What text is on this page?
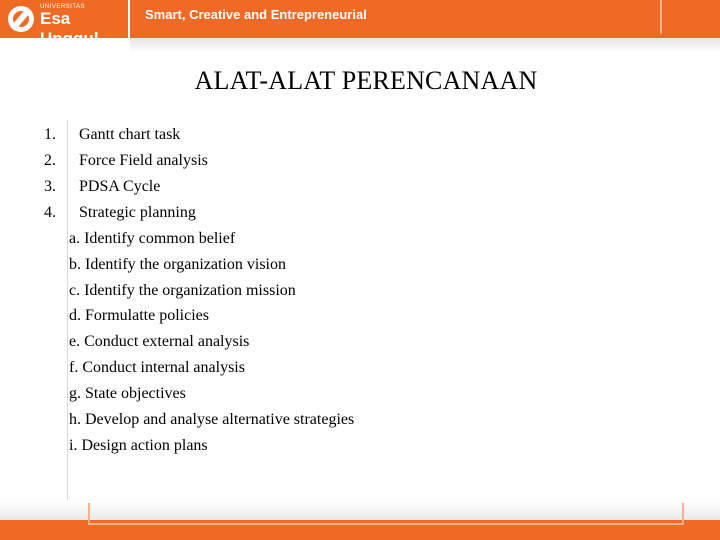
UNIVERSITAS
Esa Unggul
Smart, Creative and Entrepreneurial
ALAT-ALAT PERENCANAAN
1.	Gantt chart task
2.	Force Field analysis
3.	PDSA Cycle
4.	Strategic planning
a. Identify common belief
b. Identify the organization vision
c. Identify the organization mission
d. Formulatte policies
e. Conduct external analysis
f. Conduct internal analysis
g. State objectives
h. Develop and analyse alternative strategies
i. Design action plans
